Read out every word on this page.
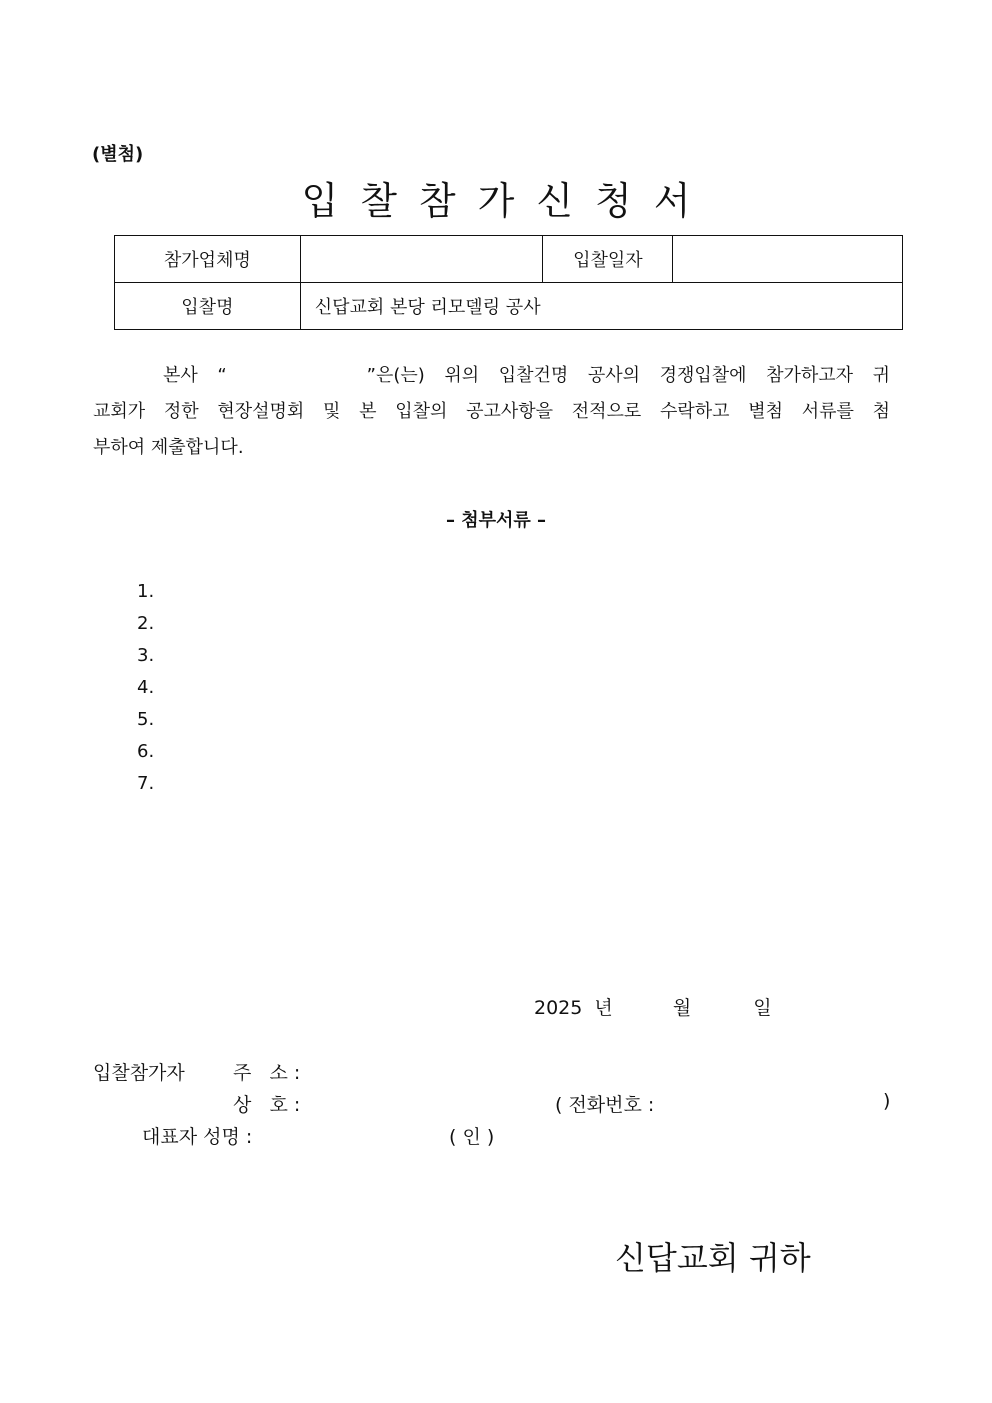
(별첨)
입찰참가신청서
참가업체명		입찰일자	
입찰명	신답교회 본당 리모델링 공사		
본사 “	”은(는) 위의 입찰건명 공사의 경쟁입찰에 참가하고자 귀
교회가 정한 현장설명회 및 본 입찰의 공고사항을 전적으로 수락하고 별첨 서류를 첨
부하여 제출합니다.
– 첨부서류 –
1.
2.
3.
4.
5.
6.
7.
2025 년	월	일
입찰참가자	주   소 :
상   호 :	( 전화번호 :	)
대표자 성명 :	( 인 )
신답교회 귀하
